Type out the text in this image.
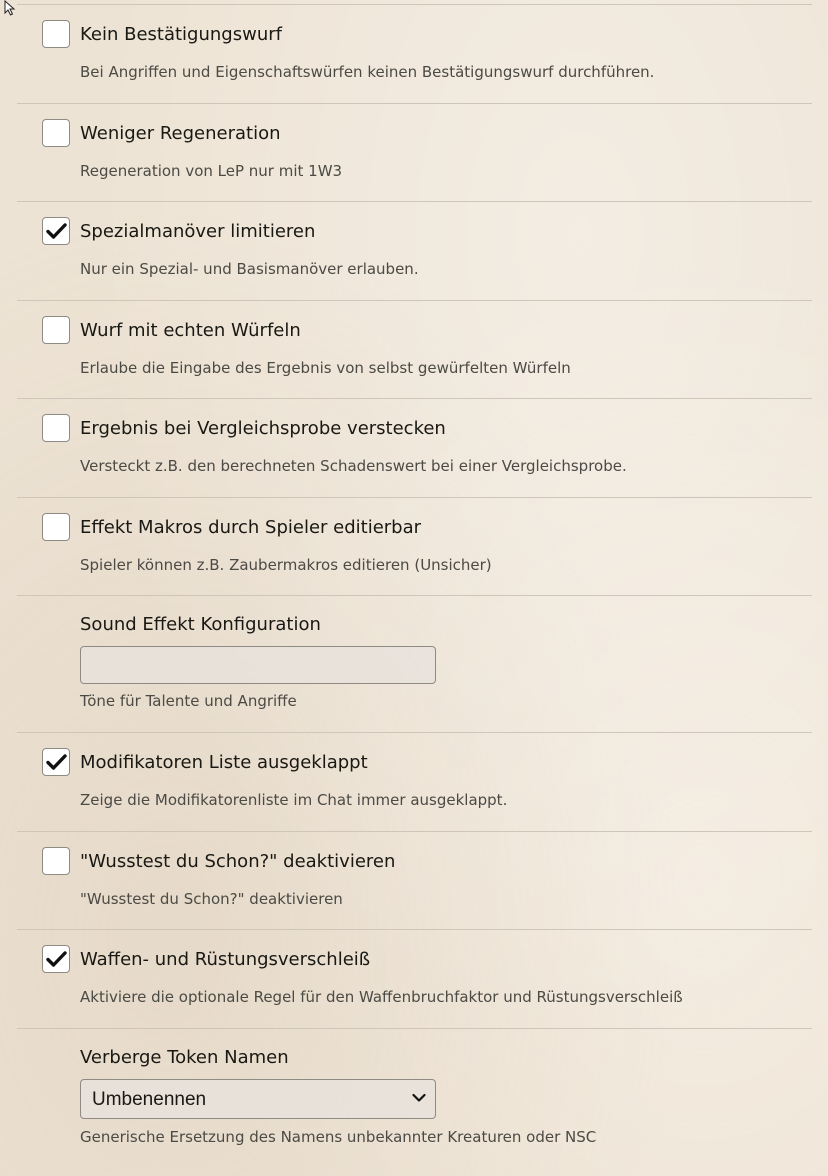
Kein Bestätigungswurf
Bei Angriffen und Eigenschaftswürfen keinen Bestätigungswurf durchführen.
Weniger Regeneration
Regeneration von LeP nur mit 1W3
Spezialmanöver limitieren
Nur ein Spezial- und Basismanöver erlauben.
Wurf mit echten Würfeln
Erlaube die Eingabe des Ergebnis von selbst gewürfelten Würfeln
Ergebnis bei Vergleichsprobe verstecken
Versteckt z.B. den berechneten Schadenswert bei einer Vergleichsprobe.
Effekt Makros durch Spieler editierbar
Spieler können z.B. Zaubermakros editieren (Unsicher)
Sound Effekt Konfiguration
Töne für Talente und Angriffe
Modifikatoren Liste ausgeklappt
Zeige die Modifikatorenliste im Chat immer ausgeklappt.
"Wusstest du Schon?" deaktivieren
"Wusstest du Schon?" deaktivieren
Waffen- und Rüstungsverschleiß
Aktiviere die optionale Regel für den Waffenbruchfaktor und Rüstungsverschleiß
Verberge Token Namen
Umbenennen
Generische Ersetzung des Namens unbekannter Kreaturen oder NSC
